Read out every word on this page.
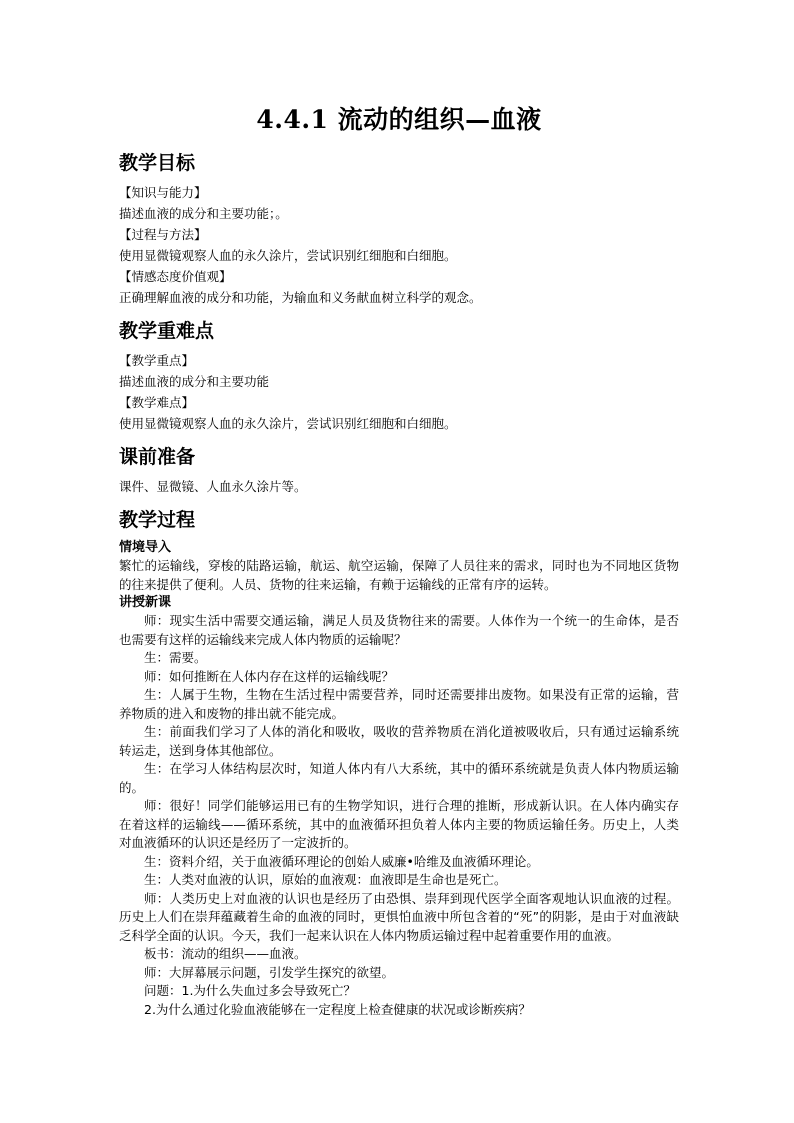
4.4.1 流动的组织—血液
教学目标

【知识与能力】

描述血液的成分和主要功能；。

【过程与方法】

使用显微镜观察人血的永久涂片，尝试识别红细胞和白细胞。

【情感态度价值观】

正确理解血液的成分和功能，为输血和义务献血树立科学的观念。

教学重难点

【教学重点】

描述血液的成分和主要功能

【教学难点】

使用显微镜观察人血的永久涂片，尝试识别红细胞和白细胞。

课前准备

课件、显微镜、人血永久涂片等。

教学过程
情境导入

繁忙的运输线，穿梭的陆路运输，航运、航空运输，保障了人员往来的需求，同时也为不同地区货物的往来提供了便利。人员、货物的往来运输，有赖于运输线的正常有序的运转。

讲授新课

师：现实生活中需要交通运输，满足人员及货物往来的需要。人体作为一个统一的生命体，是否也需要有这样的运输线来完成人体内物质的运输呢？

生：需要。

师：如何推断在人体内存在这样的运输线呢？

生：人属于生物，生物在生活过程中需要营养，同时还需要排出废物。如果没有正常的运输，营养物质的进入和废物的排出就不能完成。

生：前面我们学习了人体的消化和吸收，吸收的营养物质在消化道被吸收后，只有通过运输系统转运走，送到身体其他部位。

生：在学习人体结构层次时，知道人体内有八大系统，其中的循环系统就是负责人体内物质运输的。

师：很好！同学们能够运用已有的生物学知识，进行合理的推断，形成新认识。在人体内确实存在着这样的运输线——循环系统，其中的血液循环担负着人体内主要的物质运输任务。历史上，人类对血液循环的认识还是经历了一定波折的。

生：资料介绍，关于血液循环理论的创始人威廉•哈维及血液循环理论。

生：人类对血液的认识，原始的血液观：血液即是生命也是死亡。

师：人类历史上对血液的认识也是经历了由恐惧、崇拜到现代医学全面客观地认识血液的过程。历史上人们在崇拜蕴藏着生命的血液的同时，更惧怕血液中所包含着的“死”的阴影，是由于对血液缺乏科学全面的认识。今天，我们一起来认识在人体内物质运输过程中起着重要作用的血液。

板书：流动的组织——血液。

师：大屏幕展示问题，引发学生探究的欲望。

问题：1.为什么失血过多会导致死亡？

2.为什么通过化验血液能够在一定程度上检查健康的状况或诊断疾病？
